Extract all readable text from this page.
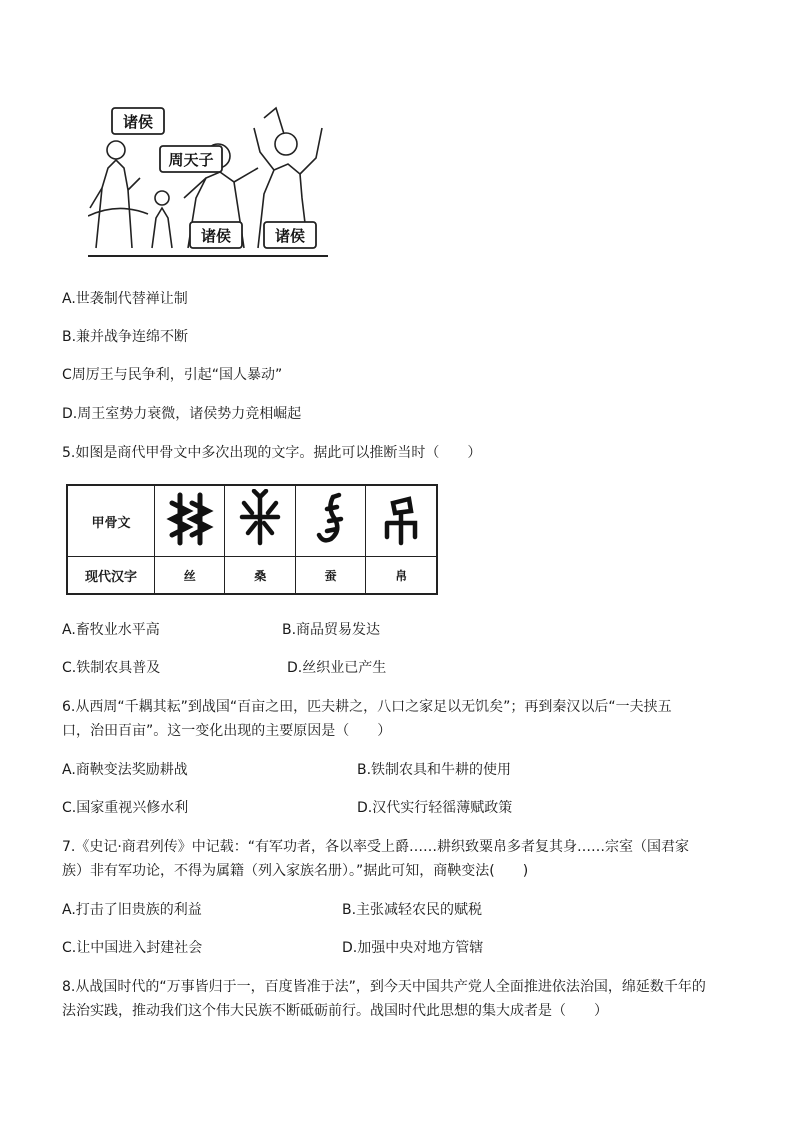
诸侯
周天子
诸侯	诸侯
A.世袭制代替禅让制
B.兼并战争连绵不断
C周厉王与民争利，引起“国人暴动”
D.周王室势力衰微，诸侯势力竞相崛起
5.如图是商代甲骨文中多次出现的文字。据此可以推断当时（　　）
甲骨文				
现代汉字	丝	桑	蚕	帛
A.畜牧业水平高	B.商品贸易发达
C.铁制农具普及	D.丝织业已产生
6.从西周“千耦其耘”到战国“百亩之田，匹夫耕之，八口之家足以无饥矣”；再到秦汉以后“一夫挟五
口，治田百亩”。这一变化出现的主要原因是（　　）
A.商鞅变法奖励耕战	B.铁制农具和牛耕的使用
C.国家重视兴修水利	D.汉代实行轻徭薄赋政策
7.《史记·商君列传》中记载：“有军功者，各以率受上爵……耕织致粟帛多者复其身……宗室（国君家
族）非有军功论，不得为属籍（列入家族名册）。”据此可知，商鞅变法(　　)
A.打击了旧贵族的利益	B.主张减轻农民的赋税
C.让中国进入封建社会	D.加强中央对地方管辖
8.从战国时代的“万事皆归于一，百度皆准于法”，到今天中国共产党人全面推进依法治国，绵延数千年的
法治实践，推动我们这个伟大民族不断砥砺前行。战国时代此思想的集大成者是（　　）
